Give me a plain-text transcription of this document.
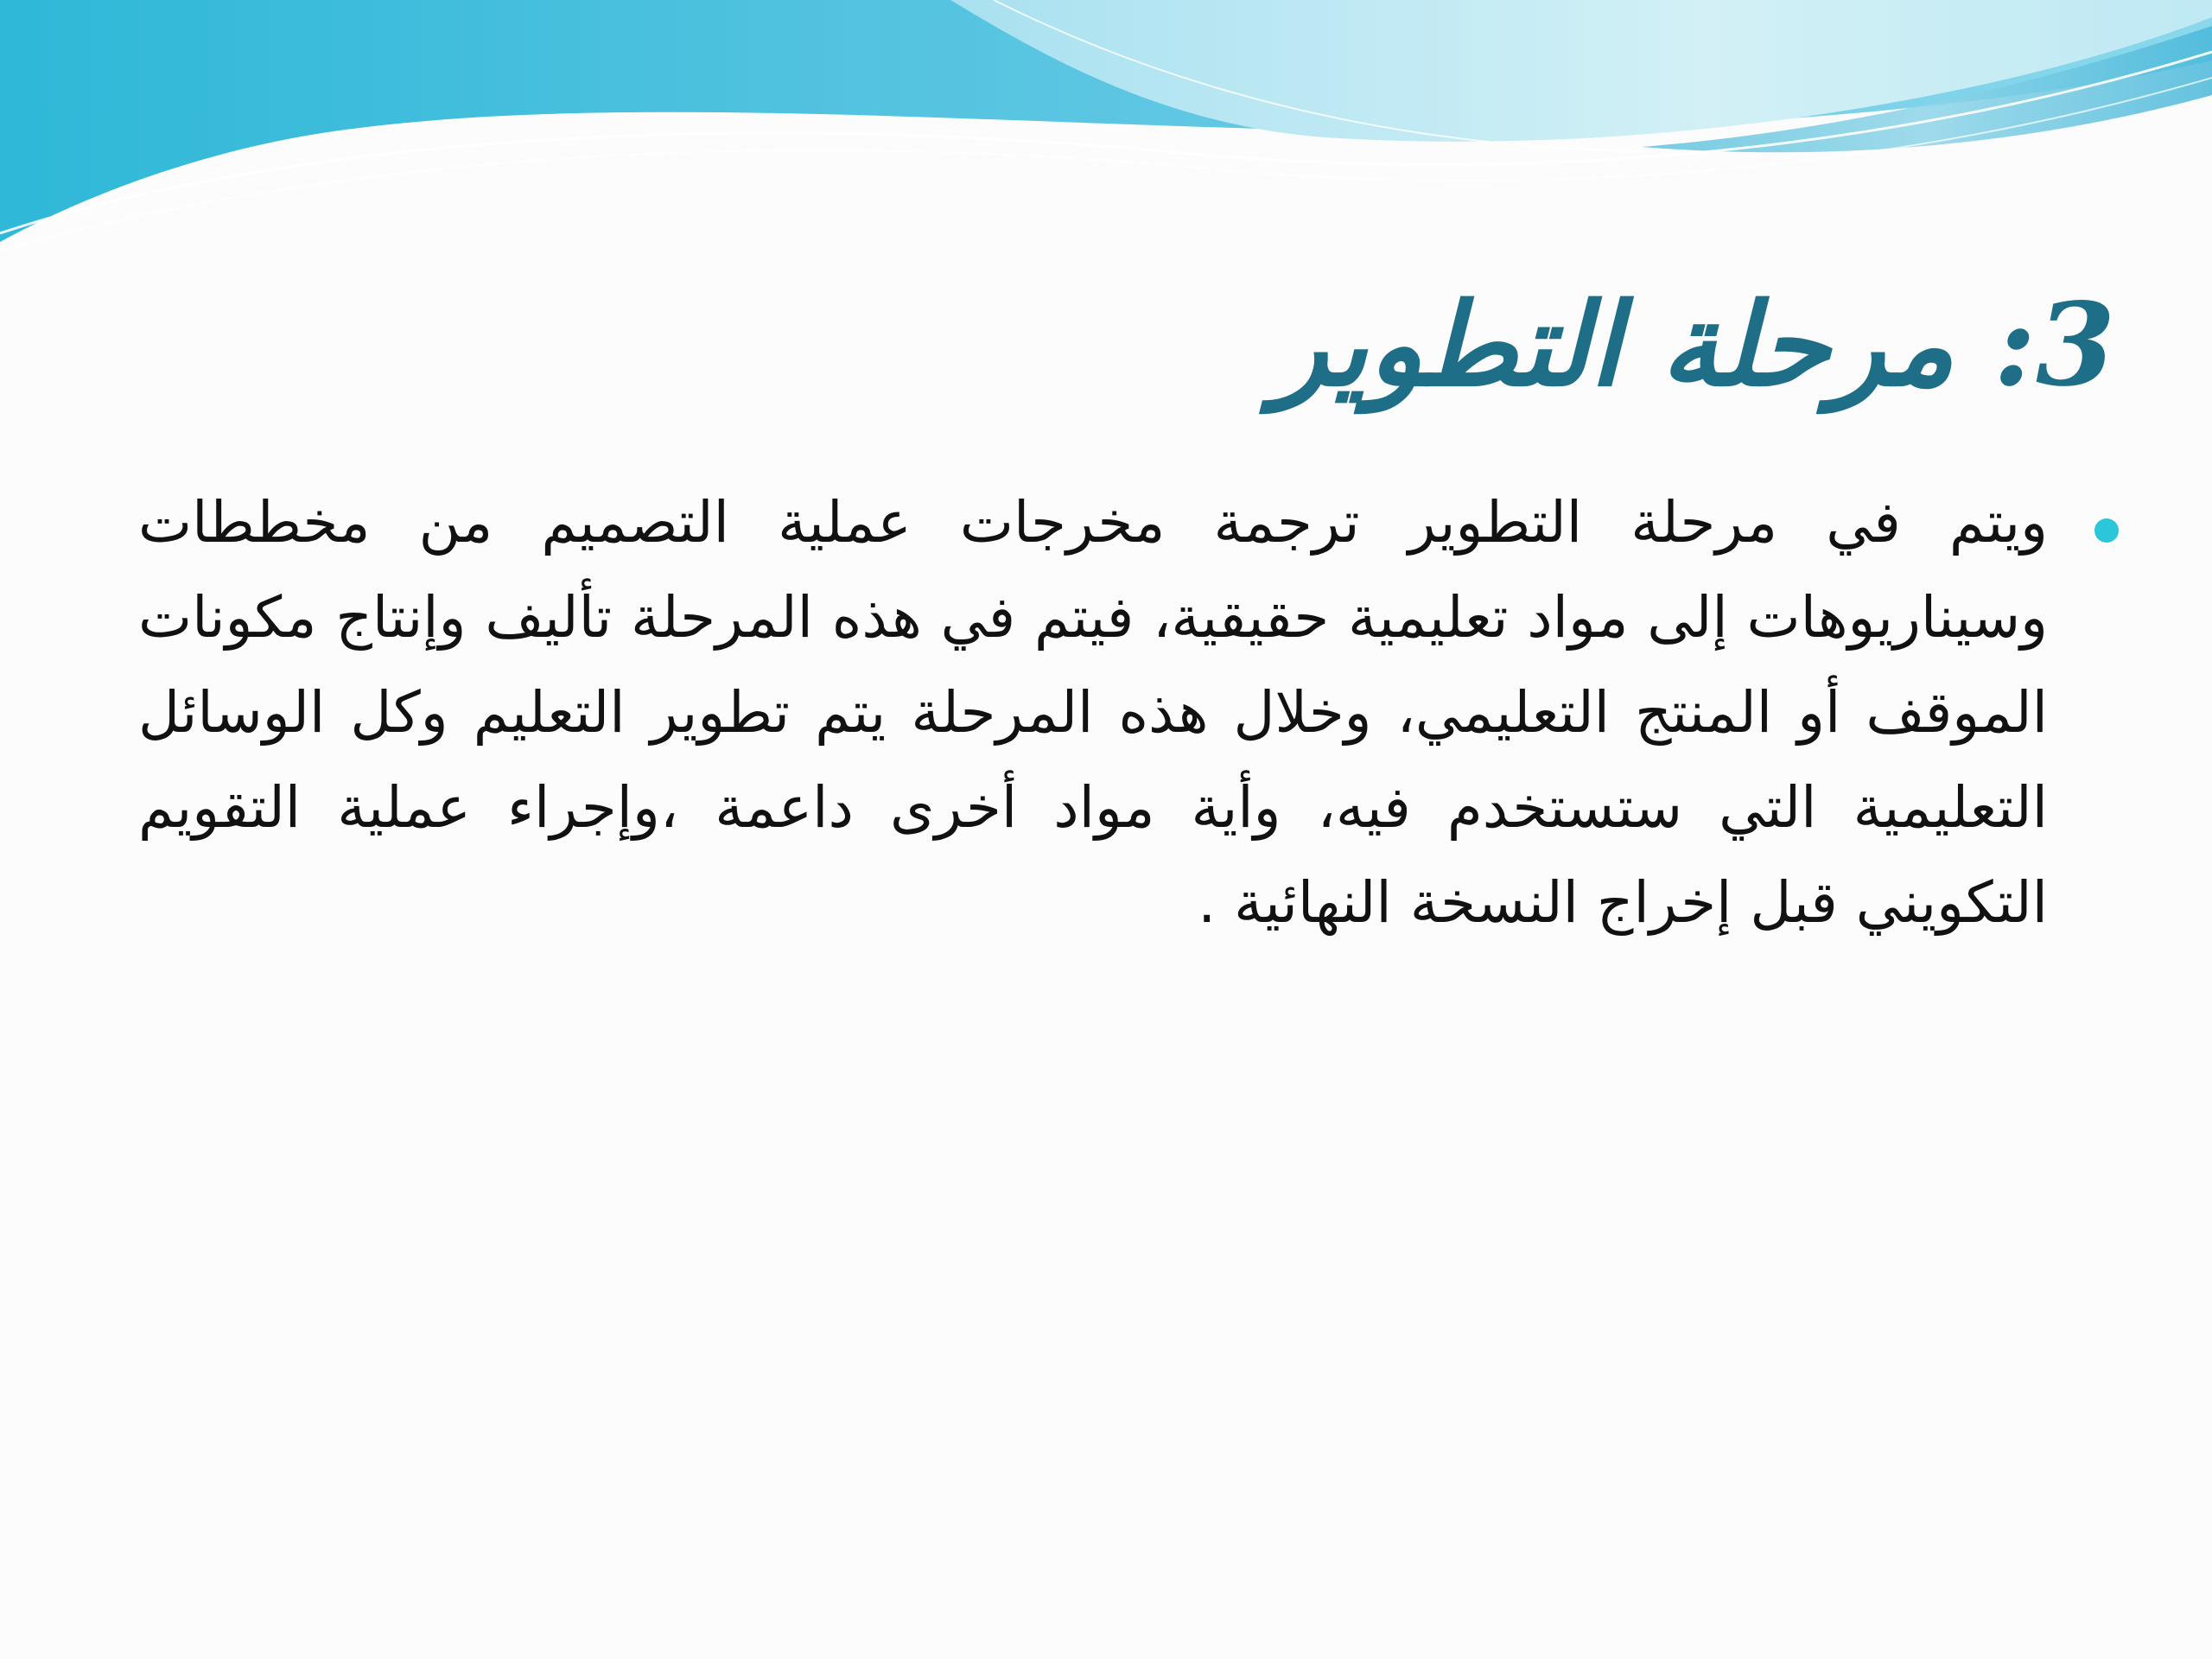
3: مرحلة التطوير

ويتم في مرحلة التطوير ترجمة مخرجات عملية التصميم من مخططات وسيناريوهات إلى مواد تعليمية حقيقية، فيتم في هذه المرحلة تأليف وإنتاج مكونات الموقف أو المنتج التعليمي، وخلال هذه المرحلة يتم تطوير التعليم وكل الوسائل التعليمية التي ستستخدم فيه، وأية مواد أخرى داعمة ،وإجراء عملية التقويم التكويني قبل إخراج النسخة النهائية .
